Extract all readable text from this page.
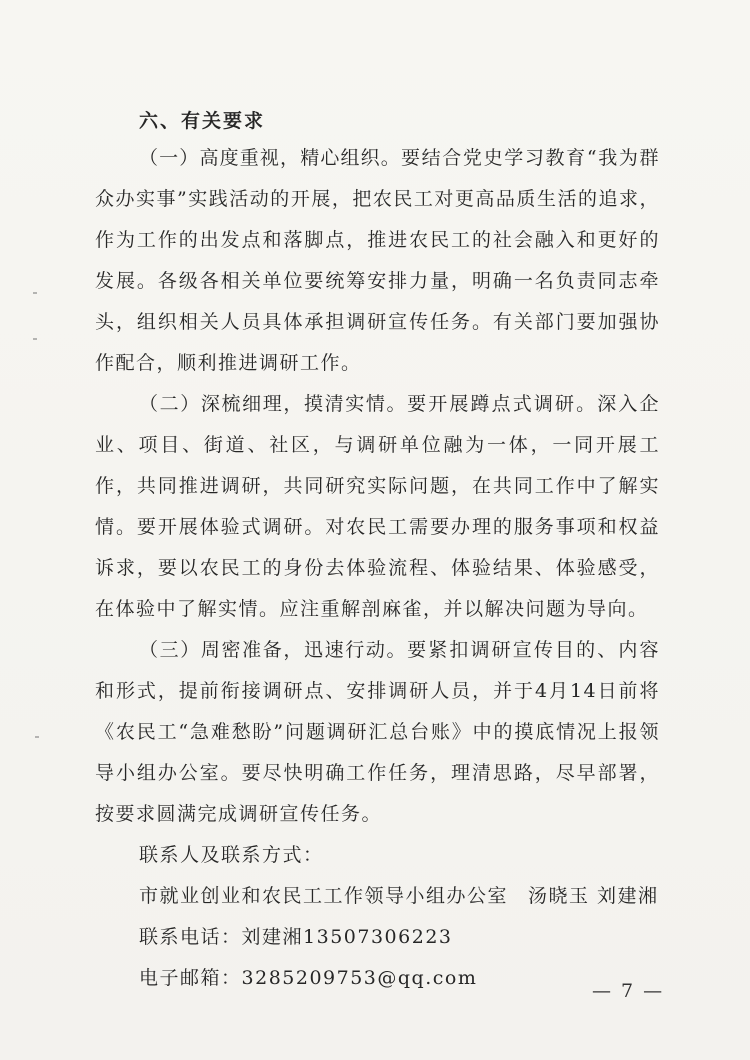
六、有关要求

（一）高度重视，精心组织。要结合党史学习教育“我为群众办实事”实践活动的开展，把农民工对更高品质生活的追求，作为工作的出发点和落脚点，推进农民工的社会融入和更好的发展。各级各相关单位要统筹安排力量，明确一名负责同志牵头，组织相关人员具体承担调研宣传任务。有关部门要加强协作配合，顺利推进调研工作。

（二）深梳细理，摸清实情。要开展蹲点式调研。深入企业、项目、街道、社区，与调研单位融为一体，一同开展工作，共同推进调研，共同研究实际问题，在共同工作中了解实情。要开展体验式调研。对农民工需要办理的服务事项和权益诉求，要以农民工的身份去体验流程、体验结果、体验感受，在体验中了解实情。应注重解剖麻雀，并以解决问题为导向。

（三）周密准备，迅速行动。要紧扣调研宣传目的、内容和形式，提前衔接调研点、安排调研人员，并于4月14日前将《农民工“急难愁盼”问题调研汇总台账》中的摸底情况上报领导小组办公室。要尽快明确工作任务，理清思路，尽早部署，按要求圆满完成调研宣传任务。

联系人及联系方式：

市就业创业和农民工工作领导小组办公室 汤晓玉 刘建湘

联系电话：刘建湘13507306223

电子邮箱：3285209753@qq.com

— 7 —
